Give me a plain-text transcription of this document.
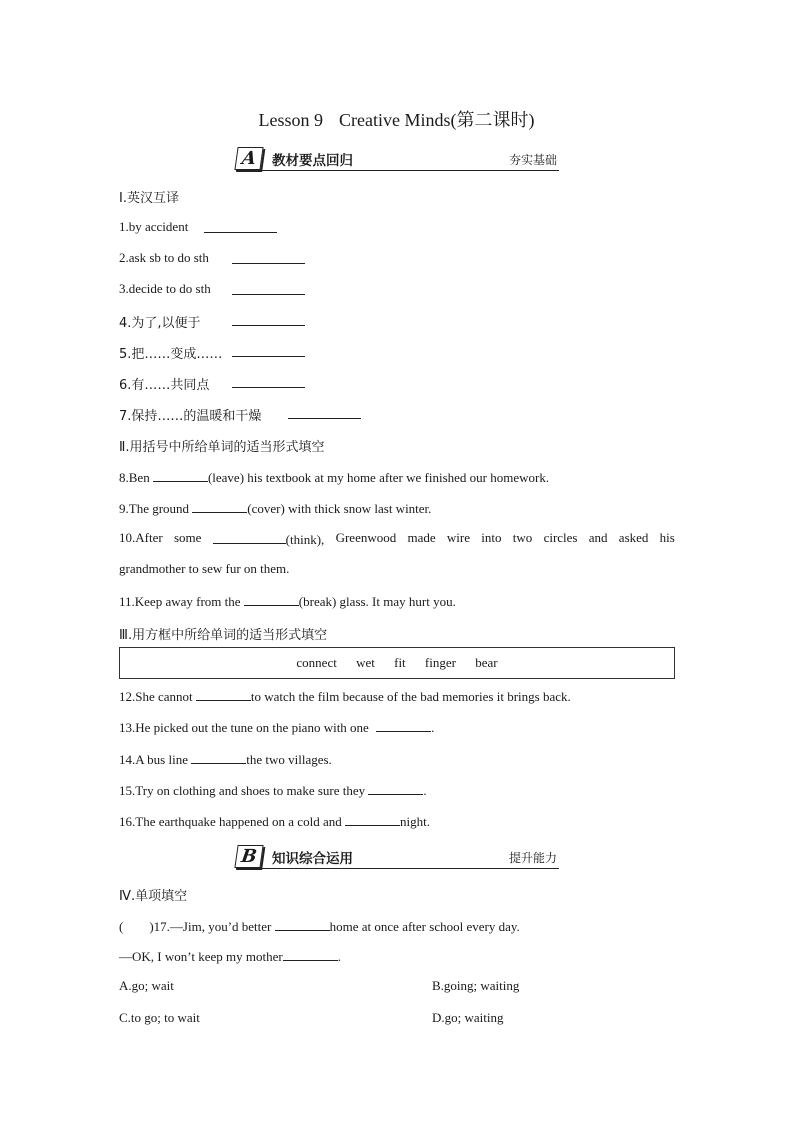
Lesson 9 Creative Minds(第二课时)
A	教材要点回归	夯实基础
Ⅰ.英汉互译
1.by accident
2.ask sb to do sth
3.decide to do sth
4.为了,以便于
5.把……变成……
6.有……共同点
7.保持……的温暖和干燥
Ⅱ.用括号中所给单词的适当形式填空
8.Ben	(leave) his textbook at my home after we finished our homework.
9.The ground	(cover) with thick snow last winter.
10.After some	(think), Greenwood made wire into two circles and asked his
grandmother to sew fur on them.
11.Keep away from the	(break) glass. It may hurt you.
Ⅲ.用方框中所给单词的适当形式填空
connect wet fit finger bear
12.She cannot	to watch the film because of the bad memories it brings back.
13.He picked out the tune on the piano with one	.
14.A bus line	the two villages.
15.Try on clothing and shoes to make sure they	.
16.The earthquake happened on a cold and	night.
B	知识综合运用	提升能力
Ⅳ.单项填空
(　　)17.—Jim, you’d better	home at once after school every day.
—OK, I won’t keep my mother	.
A.go; wait	B.going; waiting
C.to go; to wait	D.go; waiting
